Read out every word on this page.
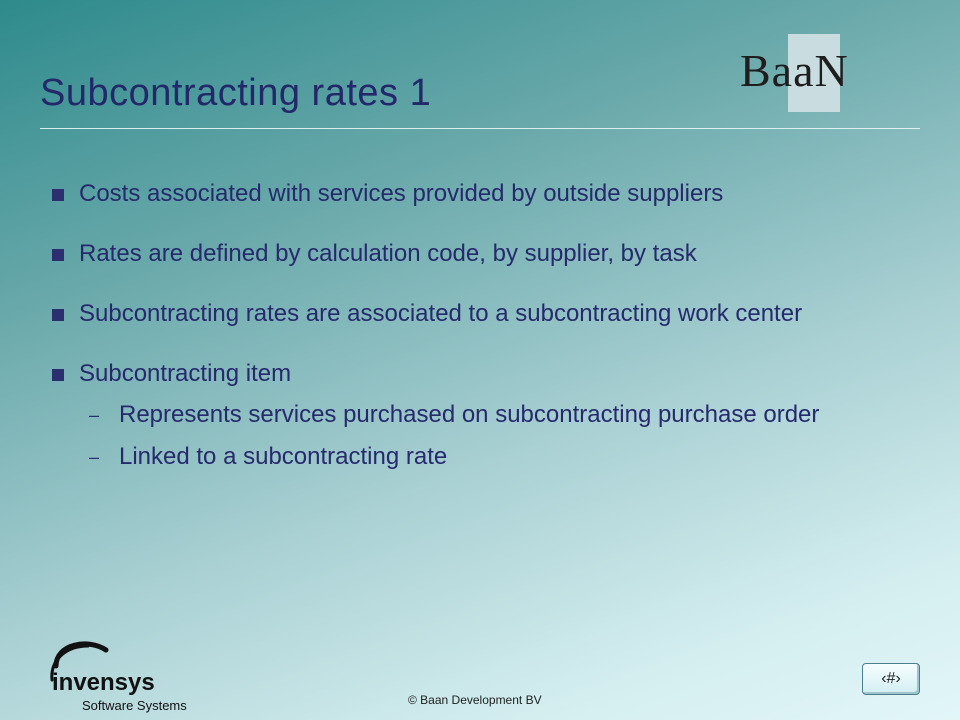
BaaN
Subcontracting rates 1
Costs associated with services provided by outside suppliers
Rates are defined by calculation code, by supplier, by task
Subcontracting rates are associated to a subcontracting work center
Subcontracting item
– Represents services purchased on subcontracting purchase order
– Linked to a subcontracting rate
invensys
Software Systems	© Baan Development BV
‹#›
